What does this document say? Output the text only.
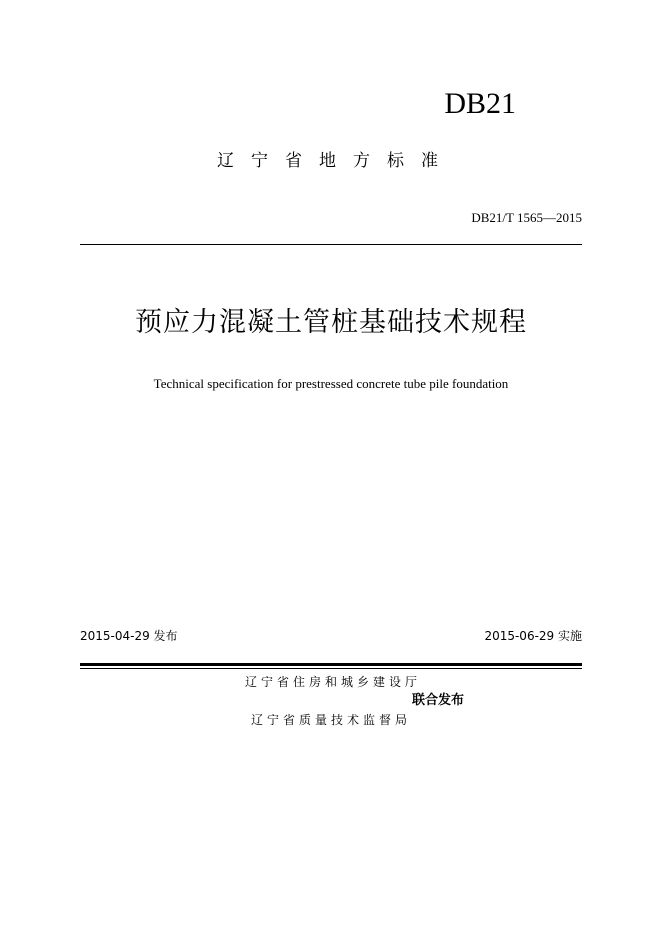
DB21
辽宁省地方标准
DB21/T 1565—2015
预应力混凝土管桩基础技术规程
Technical specification for prestressed concrete tube pile foundation
2015-04-29 发布	2015-06-29 实施
辽宁省住房和城乡建设厅
联合发布
辽宁省质量技术监督局
